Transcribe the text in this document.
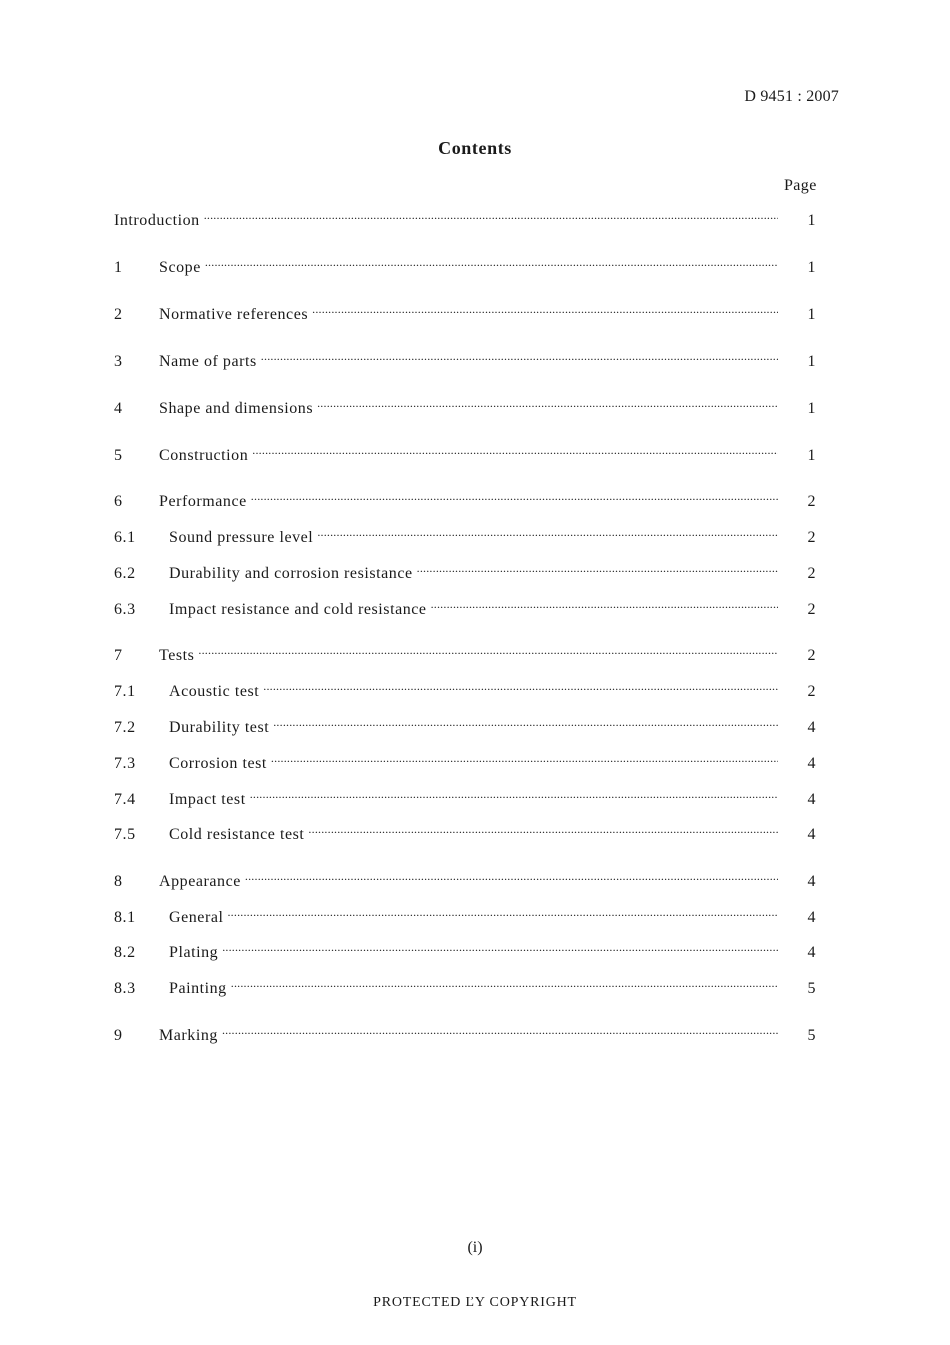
D 9451 : 2007
Contents
Page
Introduction .....	1
1	Scope .....	1
2	Normative references .....	1
3	Name of parts .....	1
4	Shape and dimensions .....	1
5	Construction .....	1
6	Performance .....	2
6.1	Sound pressure level .....	2
6.2	Durability and corrosion resistance .....	2
6.3	Impact resistance and cold resistance .....	2
7	Tests .....	2
7.1	Acoustic test .....	2
7.2	Durability test .....	4
7.3	Corrosion test .....	4
7.4	Impact test .....	4
7.5	Cold resistance test .....	4
8	Appearance .....	4
8.1	General .....	4
8.2	Plating .....	4
8.3	Painting .....	5
9	Marking .....	5
(i)
PROTECTED ĽY COPYRIGHT
